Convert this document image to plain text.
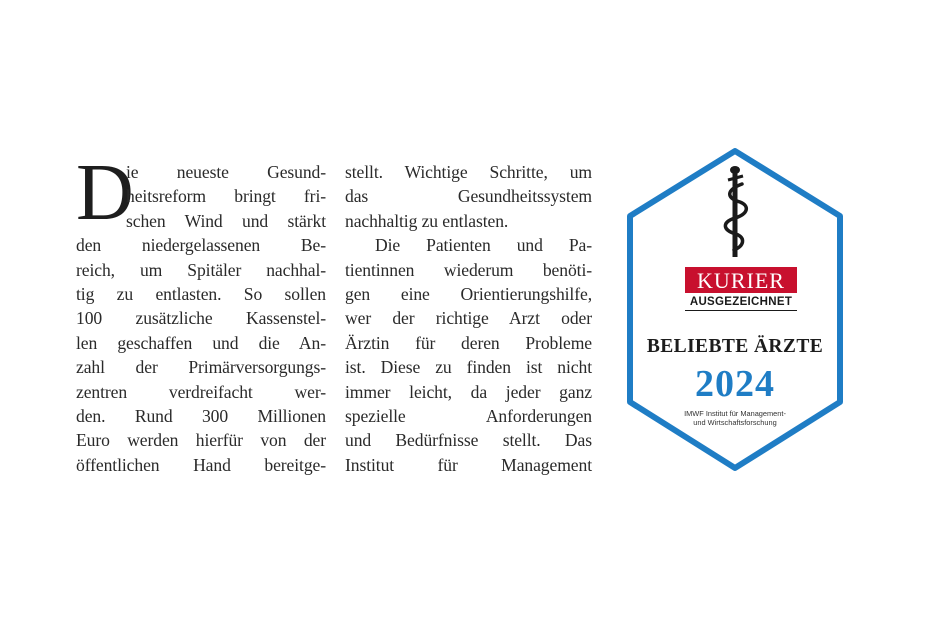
D
ie neueste Gesund-
heitsreform bringt fri-
schen Wind und stärkt
den niedergelassenen Be-
reich, um Spitäler nachhal-
tig zu entlasten. So sollen
100 zusätzliche Kassenstel-
len geschaffen und die An-
zahl der Primärversorgungs-
zentren verdreifacht wer-
den. Rund 300 Millionen
Euro werden hierfür von der
öffentlichen Hand bereitge-
stellt. Wichtige Schritte, um
das Gesundheitssystem
nachhaltig zu entlasten.
Die Patienten und Pa-
tientinnen wiederum benöti-
gen eine Orientierungshilfe,
wer der richtige Arzt oder
Ärztin für deren Probleme
ist. Diese zu finden ist nicht
immer leicht, da jeder ganz
spezielle Anforderungen
und Bedürfnisse stellt. Das
Institut für Management
KURIER
AUSGEZEICHNET
BELIEBTE ÄRZTE
2024
IMWF Institut für Management-
und Wirtschaftsforschung
